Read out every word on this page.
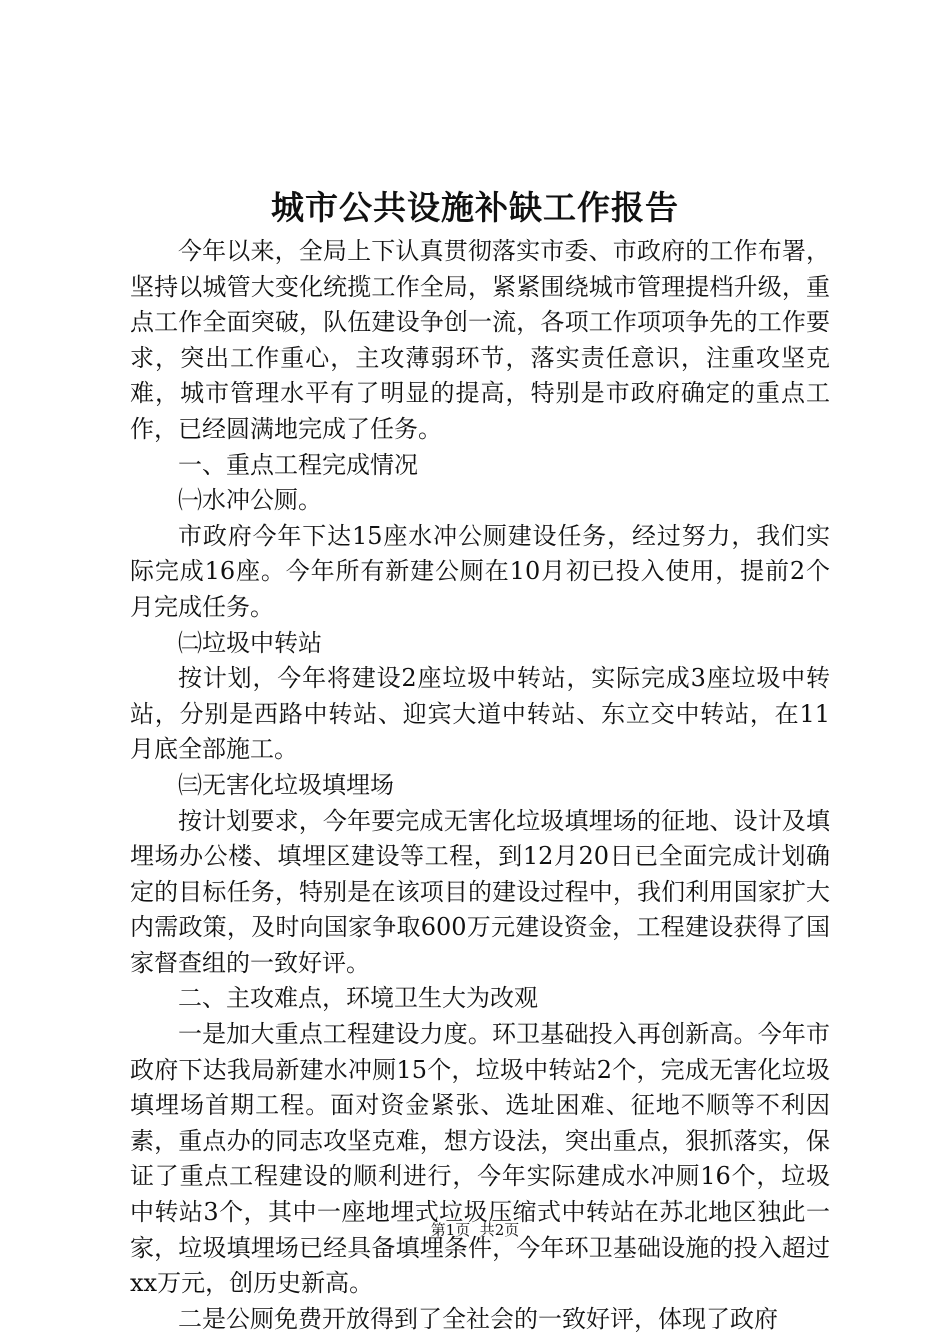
城市公共设施补缺工作报告

今年以来，全局上下认真贯彻落实市委、市政府的工作布署，坚持以城管大变化统揽工作全局，紧紧围绕城市管理提档升级，重点工作全面突破，队伍建设争创一流，各项工作项项争先的工作要求，突出工作重心，主攻薄弱环节，落实责任意识，注重攻坚克难，城市管理水平有了明显的提高，特别是市政府确定的重点工作，已经圆满地完成了任务。

一、重点工程完成情况

㈠水冲公厕。

市政府今年下达15座水冲公厕建设任务，经过努力，我们实际完成16座。今年所有新建公厕在10月初已投入使用，提前2个月完成任务。

㈡垃圾中转站

按计划，今年将建设2座垃圾中转站，实际完成3座垃圾中转站，分别是西路中转站、迎宾大道中转站、东立交中转站，在11月底全部施工。

㈢无害化垃圾填埋场

按计划要求，今年要完成无害化垃圾填埋场的征地、设计及填埋场办公楼、填埋区建设等工程，到12月20日已全面完成计划确定的目标任务，特别是在该项目的建设过程中，我们利用国家扩大内需政策，及时向国家争取600万元建设资金，工程建设获得了国家督查组的一致好评。

二、主攻难点，环境卫生大为改观

一是加大重点工程建设力度。环卫基础投入再创新高。今年市政府下达我局新建水冲厕15个，垃圾中转站2个，完成无害化垃圾填埋场首期工程。面对资金紧张、选址困难、征地不顺等不利因素，重点办的同志攻坚克难，想方设法，突出重点，狠抓落实，保证了重点工程建设的顺利进行，今年实际建成水冲厕16个，垃圾中转站3个，其中一座地埋式垃圾压缩式中转站在苏北地区独此一家，垃圾填埋场已经具备填埋条件，今年环卫基础设施的投入超过xx万元，创历史新高。

二是公厕免费开放得到了全社会的一致好评，体现了政府

第1页 共2页
